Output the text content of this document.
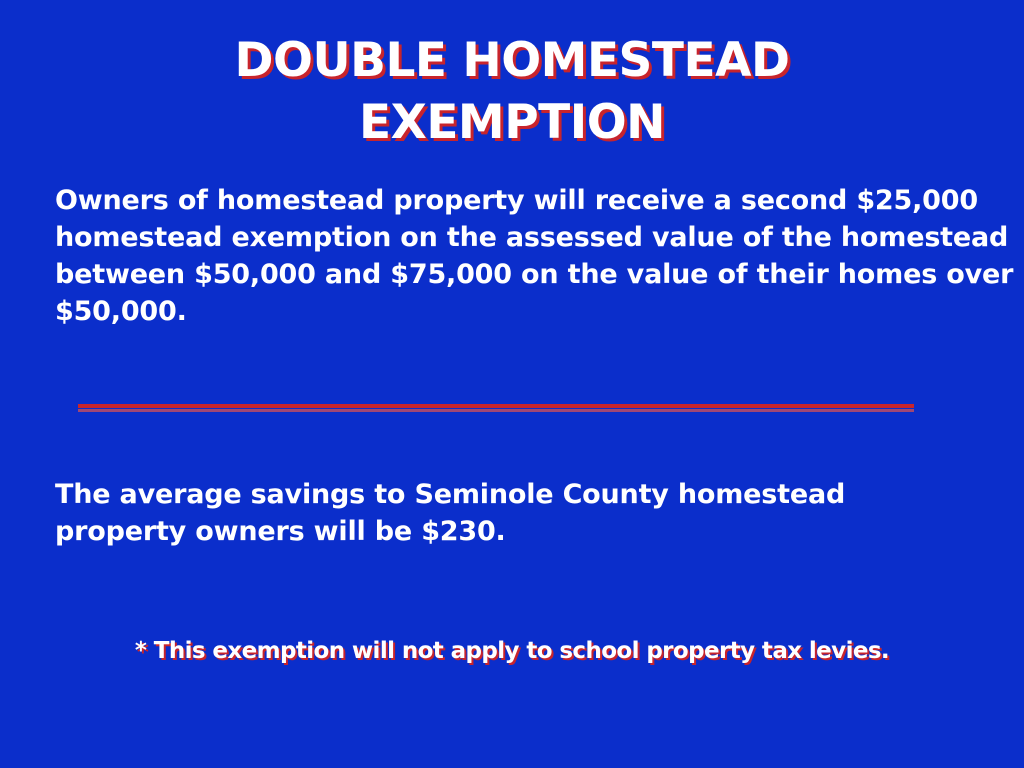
DOUBLE HOMESTEAD
EXEMPTION

Owners of homestead property will receive a second $25,000 homestead exemption on the assessed value of the homestead between $50,000 and $75,000 on the value of their homes over $50,000.

The average savings to Seminole County homestead property owners will be $230.

* This exemption will not apply to school property tax levies.
